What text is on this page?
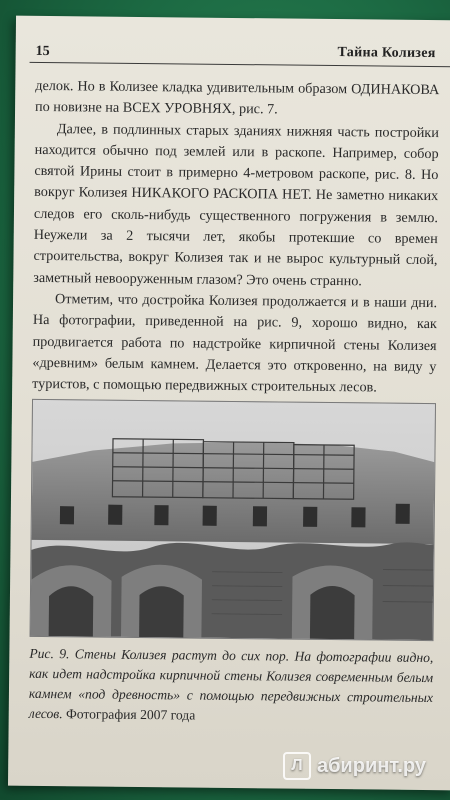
15	Тайна Колизея

делок. Но в Колизее кладка удивительным образом ОДИНАКОВА по новизне на ВСЕХ УРОВНЯХ, рис. 7.

Далее, в подлинных старых зданиях нижняя часть постройки находится обычно под землей или в раскопе. Например, собор святой Ирины стоит в примерно 4-метровом раскопе, рис. 8. Но вокруг Колизея НИКАКОГО РАСКОПА НЕТ. Не заметно никаких следов его сколь-нибудь существенного погружения в землю. Неужели за 2 тысячи лет, якобы протекшие со времен строительства, вокруг Колизея так и не вырос культурный слой, заметный невооруженным глазом? Это очень странно.

Отметим, что достройка Колизея продолжается и в наши дни. На фотографии, приведенной на рис. 9, хорошо видно, как продвигается работа по надстройке кирпичной стены Колизея «древним» белым камнем. Делается это откровенно, на виду у туристов, с помощью передвижных строительных лесов.

Рис. 9. Стены Колизея растут до сих пор. На фотографии видно, как идет надстройка кирпичной стены Колизея современным белым камнем «под древность» с помощью передвижных строительных лесов. Фотография 2007 года
Л абиринт.ру
